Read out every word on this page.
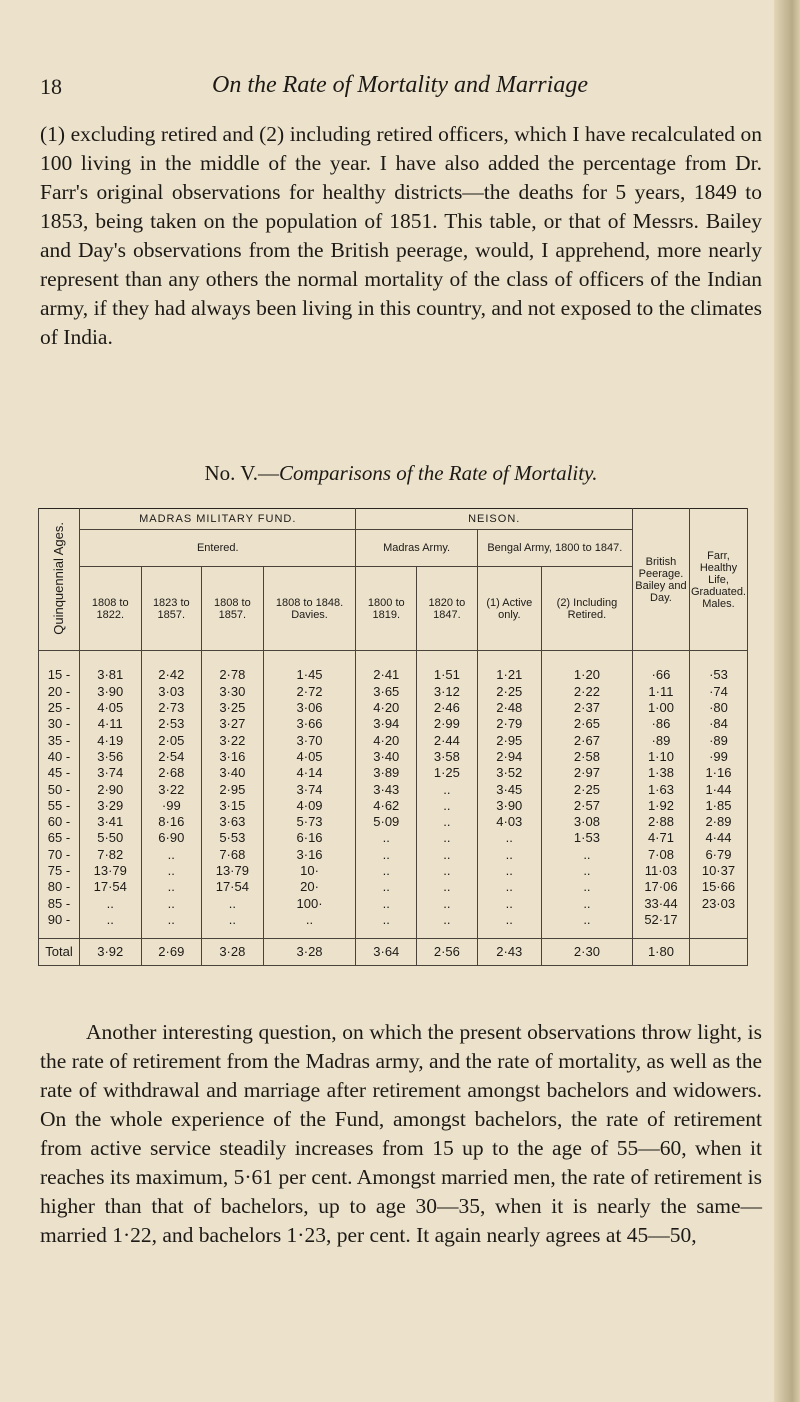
18	On the Rate of Mortality and Marriage

(1) excluding retired and (2) including retired officers, which I have recalculated on 100 living in the middle of the year. I have also added the percentage from Dr. Farr's original observations for healthy districts—the deaths for 5 years, 1849 to 1853, being taken on the population of 1851. This table, or that of Messrs. Bailey and Day's observations from the British peerage, would, I apprehend, more nearly represent than any others the normal mortality of the class of officers of the Indian army, if they had always been living in this country, and not exposed to the climates of India.

No. V.—Comparisons of the Rate of Mortality.
Quinquennial Ages.	MADRAS MILITARY FUND.				NEISON.				British Peerage. Bailey and Day.	Farr, Healthy Life, Graduated. Males.
	Entered.				Madras Army.		Bengal Army, 1800 to 1847.			
	1808 to 1822.	1823 to 1857.	1808 to 1857.	1808 to 1848. Davies.	1800 to 1819.	1820 to 1847.	(1) Active only.	(2) Including Retired.		

15 -	3·81	2·42	2·78	1·45	2·41	1·51	1·21	1·20	·66	·53
20 -	3·90	3·03	3·30	2·72	3·65	3·12	2·25	2·22	1·11	·74
25 -	4·05	2·73	3·25	3·06	4·20	2·46	2·48	2·37	1·00	·80
30 -	4·11	2·53	3·27	3·66	3·94	2·99	2·79	2·65	·86	·84
35 -	4·19	2·05	3·22	3·70	4·20	2·44	2·95	2·67	·89	·89
40 -	3·56	2·54	3·16	4·05	3·40	3·58	2·94	2·58	1·10	·99
45 -	3·74	2·68	3·40	4·14	3·89	1·25	3·52	2·97	1·38	1·16
50 -	2·90	3·22	2·95	3·74	3·43	..	3·45	2·25	1·63	1·44
55 -	3·29	·99	3·15	4·09	4·62	..	3·90	2·57	1·92	1·85
60 -	3·41	8·16	3·63	5·73	5·09	..	4·03	3·08	2·88	2·89
65 -	5·50	6·90	5·53	6·16	..	..	..	1·53	4·71	4·44
70 -	7·82	..	7·68	3·16	..	..	..	..	7·08	6·79
75 -	13·79	..	13·79	10·	..	..	..	..	11·03	10·37
80 -	17·54	..	17·54	20·	..	..	..	..	17·06	15·66
85 -	..	..	..	100·	..	..	..	..	33·44	23·03
90 -	..	..	..	..	..	..	..	..	52·17	

Total	3·92	2·69	3·28	3·28	3·64	2·56	2·43	2·30	1·80	

Another interesting question, on which the present observations throw light, is the rate of retirement from the Madras army, and the rate of mortality, as well as the rate of withdrawal and marriage after retirement amongst bachelors and widowers. On the whole experience of the Fund, amongst bachelors, the rate of retirement from active service steadily increases from 15 up to the age of 55—60, when it reaches its maximum, 5·61 per cent. Amongst married men, the rate of retirement is higher than that of bachelors, up to age 30—35, when it is nearly the same—married 1·22, and bachelors 1·23, per cent. It again nearly agrees at 45—50,
